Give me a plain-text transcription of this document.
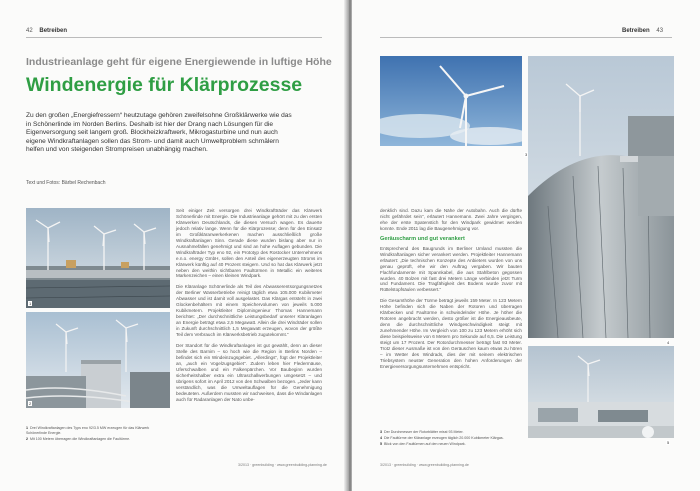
42 Betreiben
Industrieanlage geht für eigene Energiewende in luftige Höhe
Windenergie für Klärprozesse
Zu den großen „Energiefressern“ heutzutage gehören zweifelsohne Großklärwerke wie das in Schönerlinde im Norden Berlins. Deshalb ist hier der Drang nach Lösungen für die Eigenversorgung seit langem groß. Blockheizkraftwerk, Mikrogasturbine und nun auch eigene Windkraftanlagen sollen das Strom- und damit auch Umweltproblem schmälern helfen und von steigenden Strompreisen unabhängig machen.
Text und Fotos: Bärbel Rechenbach
1
2

Seit einiger Zeit versorgen drei Windkraftträder das Klärwerk Schönerlinde mit Energie. Die Industrieanlage gehört mit zu den ersten Klärwerken Deutschlands, die diesen Versuch wagen. Es dauerte jedoch relativ lange. Wenn für die Klärprozesse; denn für den Einsatz im Großkläranwerkerkenen machen ausschließlich große Windkraftanlagen Sinn. Gerade diese wurden bislang aber nur in Ausnahmefällen genehmigt und sind an hohe Auflagen gebunden. Die Windkrafträder Typ eno 92, ein Prototyp des Rostocker Unternehmens e.n.o. energy GmbH, sollen den Anteil des eigenerzeugten Stroms im Klärwerk künftig auf 40 Prozent steigern. Und so hat das Klärwerk jetzt neben den weithin sichtbaren Faultürmen in Metallic ein weiteres Markenzeichen – einen kleinen Windpark.

Die Kläranlage Schönerlinde als Teil des Abwasserentsorgungsnetzes der Berliner Wasserbetriebe reinigt täglich etwa 105.000 Kubikmeter Abwasser und ist damit voll ausgelastet. Das Klärgas entsteht in zwei Glockenbehältern mit einem Speichervolumen von jeweils 5.000 Kubikmetern. Projektleiter Diplomingenieur Thomas Hannemann berichtet: „Der durchschnittliche Leistungsbedarf unserer Kläranlagen an Energie beträgt etwa 2,5 Megawatt. Allein die drei Windräder sollen in Zukunft durchschnittlich 1,5 Megawatt erzeugen, wovon der größte Teil dem Verbrauch im Klärwerksbetrieb zugutekommt.“

Der Standort für die Windkraftanlagen ist gut gewählt, denn an dieser Stelle des Barnim – so hoch wie die Region in Berlins Norden – befindet sich ein Windeinzugsgebiet. „Allerdings“, fügt der Projektleiter an, „auch ein Vogelzugsgebiet“. Zudem leben hier Fledermäuse, Uferschwalben und ein Falkenpärchen. Vor Baubeginn wurden sicherheitshalber extra ein Ultraschallwerbungen umgesetzt – und übrigens sofort im April 2012 von den Schwalben bezogen. „Jeder kann verständlich, was die Umweltauflagen für die Genehmigung bedeuteten. Außerdem mussten wir nachweisen, dass die Windanlagen auch für Radaranlagen der Nato unbe-

1 Drei Windkraftanlagen des Typs eno 92/3.5 MW erzeugen für das Klärwerk Schönerlinde Energie.
2 Mit 100 Metern überragen die Windkraftanlagen die Faultürme.
3/2013 · greenbuilding · www.greenbuilding-planning.de
Betreiben 43
3
4

denklich sind. Dazu kam die Nähe der Autobahn. Auch die dürfte nicht gefährdet sein“, erläutert Hannemann. Zwei Jahre vergingen, ehe der erste Spatenstich für den Windpark gewidmet werden konnte. Ende 2011 lag die Baugenehmigung vor.

Geräuscharm und gut verankert

Entsprechend des Baugrunds im Berliner Umland mussten die Windkraftanlagen sicher verankert werden. Projektleiter Hannemann erläutert: „Die technischen Konzepte des Anbieters wurden von uns genau geprüft, ehe wir den Auftrag vergaben. Wir bauten Flachfundamente mit Spannkabel, die aus Stahlbeton gegossen wurden. 40 Bolzen mit fast drei Metern Länge verbinden jetzt Turm und Fundament. Die Tragfähigkeit des Bodens wurde zuvor mit Rüttelstopfsäulen verbessert.“

Die Gesamthöhe der Türme beträgt jeweils 159 Meter. In 123 Metern Höhe befinden sich die Naben der Rotoren und überragen Klärbecken und Faultürme in schwindelnder Höhe. Je höher die Rotoren angebracht werden, desto größer ist die Energieausbeute, denn die durchschnittliche Windgeschwindigkeit steigt mit zunehmender Höhe. Im Vergleich von 100 zu 123 Metern erhöht sich diese beispielsweise von 6 Metern pro Sekunde auf 6,5. Die Leistung steigt um 17 Prozent. Der Rotordurchmesser beträgt fast 93 Meter. Trotz dieser Ausmaße ist von den Geräuschen kaum etwas zu hören – im Wetter des Windrads, dies der mit seinem elektrischen Triebsystem neuster Generation den hohen Anforderungen der Energieversorgungsunternehmen entspricht.

5
3 Der Durchmesser der Rotorblätter misst 93 Meter.
4 Die Faultürme der Kläranlage erzeugen täglich 20.000 Kubikmeter Klärgas.
5 Blick von den Faultürmen auf den neuen Windpark.
3/2013 · greenbuilding · www.greenbuilding-planning.de
